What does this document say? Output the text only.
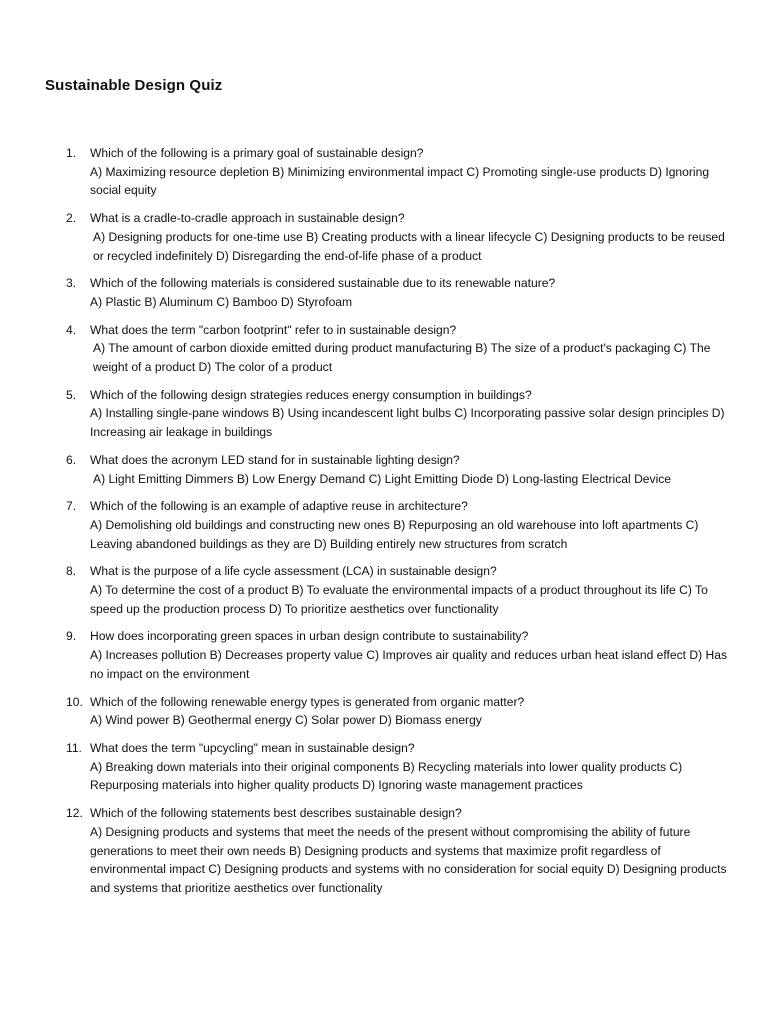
Sustainable Design Quiz
1. Which of the following is a primary goal of sustainable design?
A) Maximizing resource depletion B) Minimizing environmental impact C) Promoting single-use products D) Ignoring social equity
2. What is a cradle-to-cradle approach in sustainable design?
A) Designing products for one-time use B) Creating products with a linear lifecycle C) Designing products to be reused or recycled indefinitely D) Disregarding the end-of-life phase of a product
3. Which of the following materials is considered sustainable due to its renewable nature?
A) Plastic B) Aluminum C) Bamboo D) Styrofoam
4. What does the term "carbon footprint" refer to in sustainable design?
A) The amount of carbon dioxide emitted during product manufacturing B) The size of a product's packaging C) The weight of a product D) The color of a product
5. Which of the following design strategies reduces energy consumption in buildings?
A) Installing single-pane windows B) Using incandescent light bulbs C) Incorporating passive solar design principles D) Increasing air leakage in buildings
6. What does the acronym LED stand for in sustainable lighting design?
A) Light Emitting Dimmers B) Low Energy Demand C) Light Emitting Diode D) Long-lasting Electrical Device
7. Which of the following is an example of adaptive reuse in architecture?
A) Demolishing old buildings and constructing new ones B) Repurposing an old warehouse into loft apartments C) Leaving abandoned buildings as they are D) Building entirely new structures from scratch
8. What is the purpose of a life cycle assessment (LCA) in sustainable design?
A) To determine the cost of a product B) To evaluate the environmental impacts of a product throughout its life C) To speed up the production process D) To prioritize aesthetics over functionality
9. How does incorporating green spaces in urban design contribute to sustainability?
A) Increases pollution B) Decreases property value C) Improves air quality and reduces urban heat island effect D) Has no impact on the environment
10. Which of the following renewable energy types is generated from organic matter?
A) Wind power B) Geothermal energy C) Solar power D) Biomass energy
11. What does the term "upcycling" mean in sustainable design?
A) Breaking down materials into their original components B) Recycling materials into lower quality products C) Repurposing materials into higher quality products D) Ignoring waste management practices
12. Which of the following statements best describes sustainable design?
A) Designing products and systems that meet the needs of the present without compromising the ability of future generations to meet their own needs B) Designing products and systems that maximize profit regardless of environmental impact C) Designing products and systems with no consideration for social equity D) Designing products and systems that prioritize aesthetics over functionality
